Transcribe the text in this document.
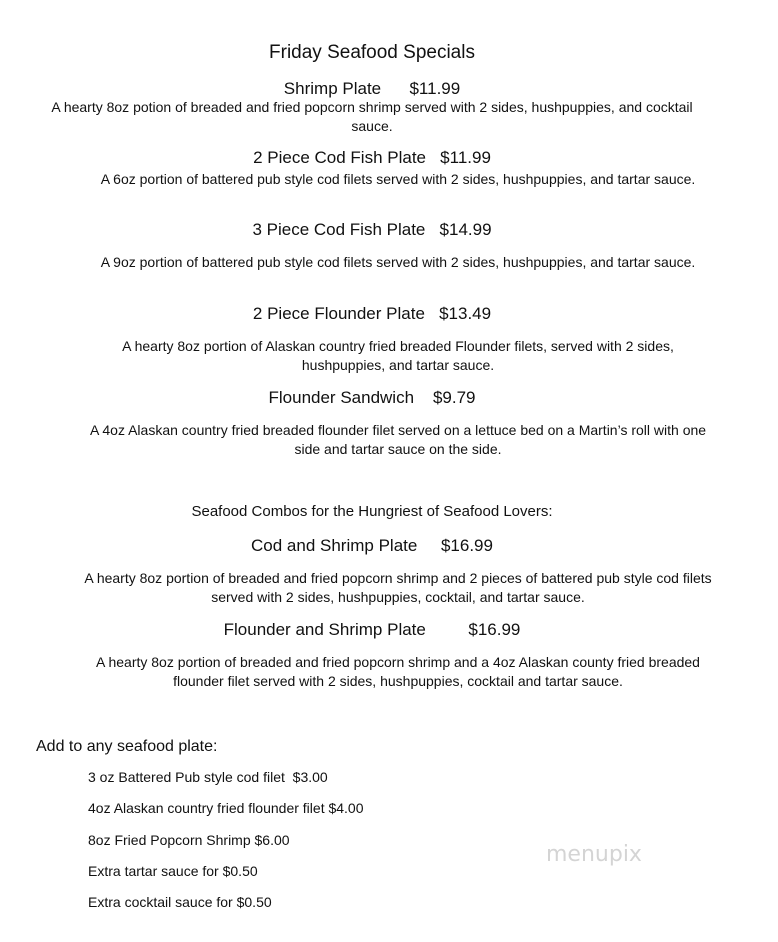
Friday Seafood Specials
Shrimp Plate $11.99
A hearty 8oz potion of breaded and fried popcorn shrimp served with 2 sides, hushpuppies, and cocktail sauce.
2 Piece Cod Fish Plate $11.99
A 6oz portion of battered pub style cod filets served with 2 sides, hushpuppies, and tartar sauce.
3 Piece Cod Fish Plate $14.99
A 9oz portion of battered pub style cod filets served with 2 sides, hushpuppies, and tartar sauce.
2 Piece Flounder Plate $13.49
A hearty 8oz portion of Alaskan country fried breaded Flounder filets, served with 2 sides, hushpuppies, and tartar sauce.
Flounder Sandwich $9.79
A 4oz Alaskan country fried breaded flounder filet served on a lettuce bed on a Martin’s roll with one side and tartar sauce on the side.
Seafood Combos for the Hungriest of Seafood Lovers:
Cod and Shrimp Plate $16.99
A hearty 8oz portion of breaded and fried popcorn shrimp and 2 pieces of battered pub style cod filets served with 2 sides, hushpuppies, cocktail, and tartar sauce.
Flounder and Shrimp Plate	$16.99
A hearty 8oz portion of breaded and fried popcorn shrimp and a 4oz Alaskan county fried breaded flounder filet served with 2 sides, hushpuppies, cocktail and tartar sauce.
Add to any seafood plate:
3 oz Battered Pub style cod filet  $3.00
4oz Alaskan country fried flounder filet $4.00
8oz Fried Popcorn Shrimp $6.00
Extra tartar sauce for $0.50
Extra cocktail sauce for $0.50
menupix
